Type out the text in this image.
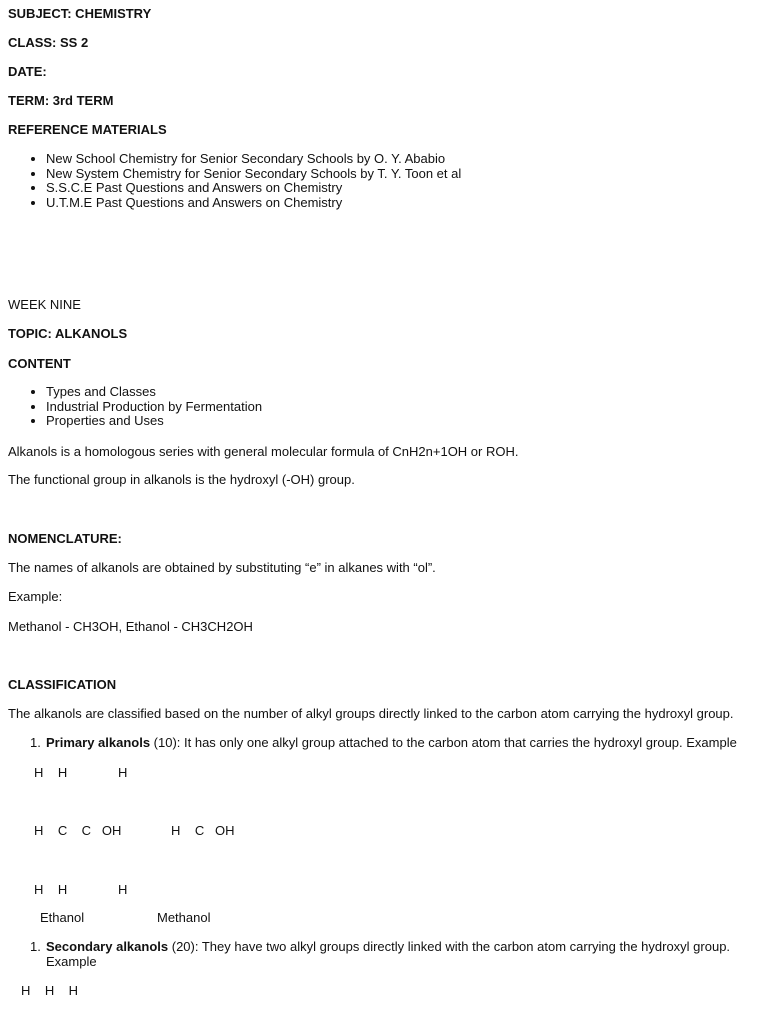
SUBJECT: CHEMISTRY
CLASS: SS 2
DATE:
TERM: 3rd TERM
REFERENCE MATERIALS
• New School Chemistry for Senior Secondary Schools by O. Y. Ababio
• New System Chemistry for Senior Secondary Schools by T. Y. Toon et al
• S.S.C.E Past Questions and Answers on Chemistry
• U.T.M.E Past Questions and Answers on Chemistry
WEEK NINE
TOPIC: ALKANOLS
CONTENT
• Types and Classes
• Industrial Production by Fermentation
• Properties and Uses
Alkanols is a homologous series with general molecular formula of CnH2n+1OH or ROH.
The functional group in alkanols is the hydroxyl (-OH) group.
NOMENCLATURE:
The names of alkanols are obtained by substituting “e” in alkanes with “ol”.
Example:
Methanol - CH3OH, Ethanol - CH3CH2OH
CLASSIFICATION
The alkanols are classified based on the number of alkyl groups directly linked to the carbon atom carrying the hydroxyl group.
1. Primary alkanols (10): It has only one alkyl group attached to the carbon atom that carries the hydroxyl group. Example
H    H	H
H    C    C   OH	H    C   OH
H    H	H
Ethanol	Methanol
1. Secondary alkanols (20): They have two alkyl groups directly linked with the carbon atom carrying the hydroxyl group.
Example
H    H    H
